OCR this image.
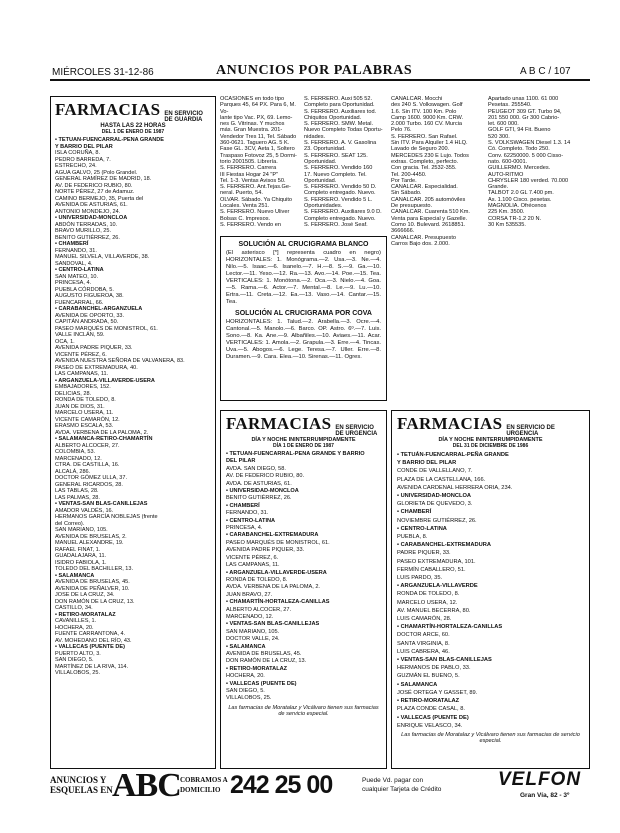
MIÉRCOLES 31-12-86	ANUNCIOS POR PALABRAS	A B C / 107
FARMACIAS EN SERVICIO DE GUARDIA
HASTA LAS 22 HORAS
DEL 1 DE ENERO DE 1987
• TETUAN-FUENCARRAL-PEÑA GRANDE
Y BARRIO DEL PILAR
ISLA CORUÑA, 8.
PEDRO BARREDA, 7.
ESTRECHO, 24.
AGUA GALVO, 25 (Polo Grandel.
GENERAL RAMÍREZ DE MADRID, 18.
AV. DE FEDERICO RUBIO, 80.
NORTE PÉREZ, 27 de Adamuz.
CAMINO BERMEJO, 35, Puerta del
AVENIDA DE ASTURIAS, 61.
ANTONIO MONDEJO, 24.
• UNIVERSIDAD-MONCLOA
ABDÓN TERRADAS, 10.
BRAVO MURILLO, 25.
BENITO GUTIÉRREZ, 26.
• CHAMBERÍ
FERNANDO, 31.
MANUEL SILVELA, VILLAVERDE, 38.
SANDOVAL, 4.
• CENTRO-LATINA
SAN MATEO, 10.
PRINCESA, 4.
PUEBLA CÓRDOBA, 5.
AUGUSTO FIGUEROA, 38.
FUENCARRAL, 66.
• CARABANCHEL-ARGANZUELA
AVENIDA DE OPORTO, 33.
CAPITÁN ANDRADA, 50.
PASEO MARQUÉS DE MONISTROL, 61.
VALLE INCLÁN, 59.
OCA, 1.
AVENIDA PADRE PIQUER, 33.
VICENTE PÉREZ, 6.
AVENIDA NUESTRA SEÑORA DE VALVANERA, 83.
PASEO DE EXTREMADURA, 40.
LAS CAMPANAS, 11.
• ARGANZUELA-VILLAVERDE-USERA
EMBAJADORES, 152.
DELICIAS, 28.
RONDA DE TOLEDO, 8.
JUAN DE DIOS, 31.
MARCELO USERA, 11.
VICENTE CAMARÓN, 12.
ERASMO ESCALA, 53.
AVDA. VERBENA DE LA PALOMA, 2.
• SALAMANCA-RETIRO-CHAMARTÍN
ALBERTO ALCOCER, 27.
COLOMBIA, 53.
MARCENADO, 12.
CTRA. DE CASTILLA, 16.
ALCALÁ, 286.
DOCTOR GÓMEZ ULLA, 37.
GENERAL RICARDOS, 28.
LAS TABLAS, 28.
LAS PALMAS, 28.
• VENTAS-SAN BLAS-CANILLEJAS
AMADOR VALDÉS, 16.
HERMANOS GARCÍA NOBLEJAS (frente
del Correo).
SAN MARIANO, 105.
AVENIDA DE BRUSELAS, 2.
MANUEL ALEXANDRE, 19.
RAFAEL FINAT, 1.
GUADALAJARA, 11.
ISIDRO FABIOLA, 1.
TOLEDO DEL BACHILLER, 13.
• SALAMANCA
AVENIDA DE BRUSELAS, 45.
AVENIDA DE PEÑALVER, 10.
JOSE DE LA CRUZ, 34.
DON RAMÓN DE LA CRUZ, 13.
CASTILLO, 34.
• RETIRO-MORATALAZ
CAVANILLES, 1.
HOCHERA, 20.
FUENTE CARRANTONA, 4.
AV. MOHEDANO DEL RÍO, 43.
• VALLECAS (PUENTE DE)
PUERTO ALTO, 3.
SAN DIEGO, 5.
MARTÍNEZ DE LA RIVA, 114.
VILLALOBOS, 25.
OCASIONES en todo tipo Parques 45, 64 PX. Para 6, M. Vo-
lante tipo Vac. PX, 69. Lemo-
nes G. Vitrinas. Y muchos
más. Gran Muestra. 201-
Vendedor Tres 11, Tel. Sábado
360-0621. Taguero AG. 5 K.
Fase GL. 3CV, Aeta 1, Soltero
Traspaso Fotovoz 25, 5 Dormi-
torio 2001505. Librería.
S. FERRERO. Carrera
III Fiestas Hogar 24 "P"
Tel. 1-3. Ventas Avisos 50.
S. FERRERO. Ant.Tejas.Ge-
neral. Puerto, 54.
OLVAR. Sábado. Ya Chiquito
Locales. Venta 251.
S. FERRERO. Nuevo Uliver
Bolsas C. Impresos.
S. FERRERO. Vendo en

S. FERRERO. Auxi 505 52.
Completo para Oportunidad.
S. FERRERO. Auxiliares tod.
Chiquitos Oportunidad.
S. FERRERO. SMW. Metal.
Nuevo Completo Todas Oportu-
nidades.
S. FERRERO. A. V. Gasolina
23. Oportunidad.
S. FERRERO. SEAT 125.
Oportunidad.
S. FERRERO. Vendido 160
17. Nuevo Completo. Tel.
Oportunidad.
S. FERRERO. Vendido 50 D.
Completo entregado. Nuevo.
S. FERRERO. Vendido 5 L.
Oportunidades.
S. FERRERO. Auxiliares 9.0 D.
Completo entregado. Nuevo.
S. FERRERO. José Seaf.

CANALCAR. Mocchi
des 240 S. Volkswagen. Golf
1.6. Sin ITV. 100 Km. Polo
Camp 1600. 9000 Km. CRW.
2.000 Turbo. 160 CV. Murcia
Pelo 76.
S. FERRERO. San Rafael.
Sin ITV. Para Alquiler 1.4 HLQ.
Lavado de Seguro 200.
MERCEDES 230 E Lujo. Todos
extras. Completo, perfecto.
Con gracia. Tel. 2532-355.
Tel. 200-4450.
Por Tarde.
CANALCAR. Especialidad.
Sin Sábado.
CANALCAR. 205 automóviles
De presupuesto.
CANALCAR. Cuarenta 510 Km.
Venta para Especial y Gazelle.
Como 10. Bulevard. 2618851.
3666666.
CANALCAR. Presupuesto
Carros Bajo dos. 2.000.
Apartado unas 1100. 61 000
Pesetas. 255540.
PEUGEOT 309 GT. Turbo 94,
201 550 000. Gr 300 Cabrio-
let. 600 000.
GOLF GTI, 94 Fit. Bueno
520 300.
S. VOLKSWAGEN Diesel 1.3. 14
Có. Completo. Todo 250.
Conv. 62250000. 5 000 Cisso-
nato. 600-0001.
GUILLERMO. Mercedes.
AUTO-RITMO
CHRYSLER 180 verded. 70.000
Grande.
TALBOT 2.0 GL 7.400 pm.
As. 1.100 Cisco. pesetas.
MAGNOLIA. Ofrécenos
225 Km. 3500.
CORSA TR-1.2 20 N.
30 Km 535535.
SOLUCIÓN AL CRUCIGRAMA BLANCO
(El asterisco [*] representa cuadro en negro) HORIZONTALES: 1. Monógrama.—2. Usa.—3. Ne.—4. Nilo.—5. Isaac.—6. Isanelo.—7. H.—8. S.—9. Ga.—10. Lector.—11. Yeso.—12. Ra.—13. Avo.—14. Poe.—15. Tea. VERTICALES: 1. Monótona.—2. Oca.—3. Nielo.—4. Goa.—5. Rama.—6. Actor.—7. Mental.—8. Le.—9. Lu.—10. Ertra.—11. Creta.—12. Ea.—13. Vaso.—14. Cantar.—15. Tea.
SOLUCIÓN AL CRUCIGRAMA POR COVA
HORIZONTALES: 1. Talud.—2. Arabella.—3. Ocre.—4. Cantonal.—5. Manolo.—6. Barco. OP. Astro. 6º.—7. Luis. Sono.—8. Ka. Ane.—9. Albañiles.—10. Aviaes.—11. Acar. VERTICALES: 1. Amola.—2. Grapula.—3. Erre.—4. Tincas. Uva.—5. Abogos.—6. Lege. Teresa.—7. Uller. Erre.—8. Duramen.—9. Cara. Elea.—10. Sirenas.—11. Ogres.
FARMACIAS EN SERVICIO DE URGENCIA
DÍA Y NOCHE ININTERRUMPIDAMENTE
DÍA 1 DE ENERO DE 1987
• TETUÁN-FUENCARRAL-PEÑA GRANDE Y BARRIO
DEL PILAR
AVDA. SAN DIEGO, 58.
AV. DE FEDERICO RUBIO, 80.
AVDA. DE ASTURIAS, 61.
• UNIVERSIDAD-MONCLOA
BENITO GUTIÉRREZ, 26.
• CHAMBERÍ
FERNANDO, 31.
• CENTRO-LATINA
PRINCESA, 4.
• CARABANCHEL-EXTREMADURA
PASEO MARQUÉS DE MONISTROL, 61.
AVENIDA PADRE PIQUER, 33.
VICENTE PÉREZ, 6.
LAS CAMPANAS, 11.
• ARGANZUELA-VILLAVERDE-USERA
RONDA DE TOLEDO, 8.
AVDA. VERBENA DE LA PALOMA, 2.
JUAN BRAVO, 27.
• CHAMARTÍN-HORTALEZA-CANILLAS
ALBERTO ALCOCER, 27.
MARCENADO, 12.
• VENTAS-SAN BLAS-CANILLEJAS
SAN MARIANO, 105.
DOCTOR VALLE, 24.
• SALAMANCA
AVENIDA DE BRUSELAS, 45.
DON RAMÓN DE LA CRUZ, 13.
• RETIRO-MORATALAZ
HOCHERA, 20.
• VALLECAS (PUENTE DE)
SAN DIEGO, 5.
VILLALOBOS, 25.
Las farmacias de Moratalaz y Vicálvaro tienen sus farmacias de servicio especial.
FARMACIAS EN SERVICIO DE URGENCIA
DÍA Y NOCHE ININTERRUMPIDAMENTE
DEL 31 DE DICIEMBRE DE 1986
• TETUÁN-FUENCARRAL-PEÑA GRANDE
Y BARRIO DEL PILAR
CONDE DE VALLELLANO, 7.
PLAZA DE LA CASTELLANA, 166.
AVENIDA CARDENAL HERRERA ORIA, 234.
• UNIVERSIDAD-MONCLOA
GLORIETA DE QUEVEDO, 3.
• CHAMBERÍ
NOVIEMBRE GUTIÉRREZ, 26.
• CENTRO-LATINA
PUEBLA, 8.
• CARABANCHEL-EXTREMADURA
PADRE PIQUER, 33.
PASEO EXTREMADURA, 101.
FERMÍN CABALLERO, 51.
LUIS PARDO, 35.
• ARGANZUELA-VILLAVERDE
RONDA DE TOLEDO, 8.
MARCELO USERA, 12.
AV. MANUEL BECERRA, 80.
LUIS CAMARÓN, 28.
• CHAMARTÍN-HORTALEZA-CANILLAS
DOCTOR ARCE, 60.
SANTA VIRGINIA, 8.
LUIS CABRERA, 46.
• VENTAS-SAN BLAS-CANILLEJAS
HERMANOS DE PABLO, 33.
GUZMÁN EL BUENO, 5.
• SALAMANCA
JOSÉ ORTEGA Y GASSET, 89.
• RETIRO-MORATALAZ
PLAZA CONDE CASAL, 8.
• VALLECAS (PUENTE DE)
ENRIQUE VELASCO, 34.
Las farmacias de Moratalaz y Vicálvaro tienen sus farmacias de servicio especial.
ANUNCIOS Y
ESQUELAS EN ABC COBRAMOS A
DOMICILIO 242 25 00	Puede Vd. pagar con
cualquier Tarjeta de Crédito	VELFON
Gran Vía, 82 - 3º
